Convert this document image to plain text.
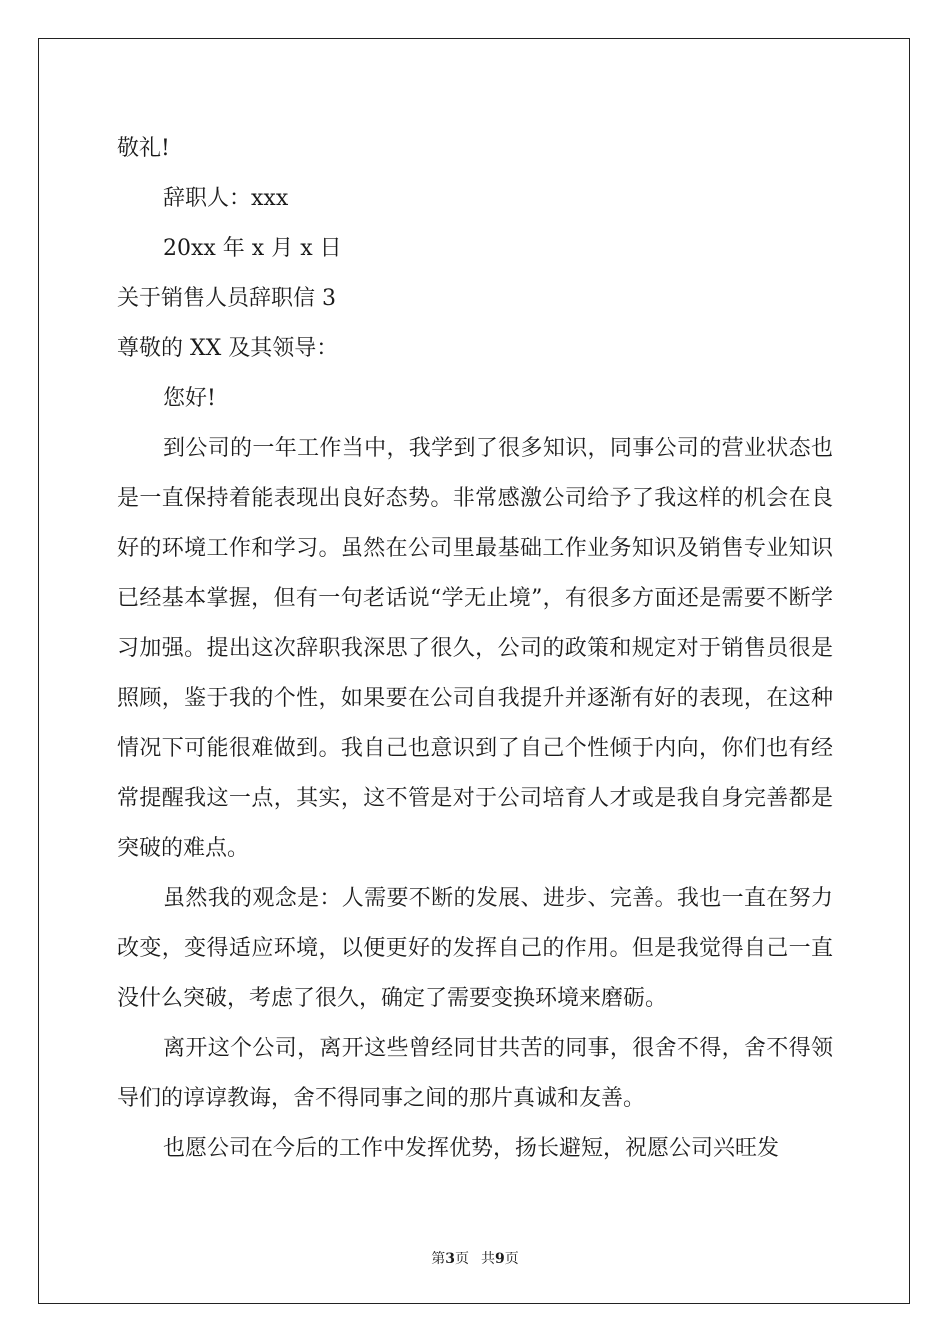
敬礼!
辞职人：xxx
20xx 年 x 月 x 日
关于销售人员辞职信 3
尊敬的 XX 及其领导：
您好!

到公司的一年工作当中，我学到了很多知识，同事公司的营业状态也是一直保持着能表现出良好态势。非常感激公司给予了我这样的机会在良好的环境工作和学习。虽然在公司里最基础工作业务知识及销售专业知识已经基本掌握，但有一句老话说“学无止境”，有很多方面还是需要不断学习加强。提出这次辞职我深思了很久，公司的政策和规定对于销售员很是照顾，鉴于我的个性，如果要在公司自我提升并逐渐有好的表现，在这种情况下可能很难做到。我自己也意识到了自己个性倾于内向，你们也有经常提醒我这一点，其实，这不管是对于公司培育人才或是我自身完善都是突破的难点。

虽然我的观念是：人需要不断的发展、进步、完善。我也一直在努力改变，变得适应环境，以便更好的发挥自己的作用。但是我觉得自己一直没什么突破，考虑了很久，确定了需要变换环境来磨砺。

离开这个公司，离开这些曾经同甘共苦的同事，很舍不得，舍不得领导们的谆谆教诲，舍不得同事之间的那片真诚和友善。

也愿公司在今后的工作中发挥优势，扬长避短，祝愿公司兴旺发

第3页 共9页
